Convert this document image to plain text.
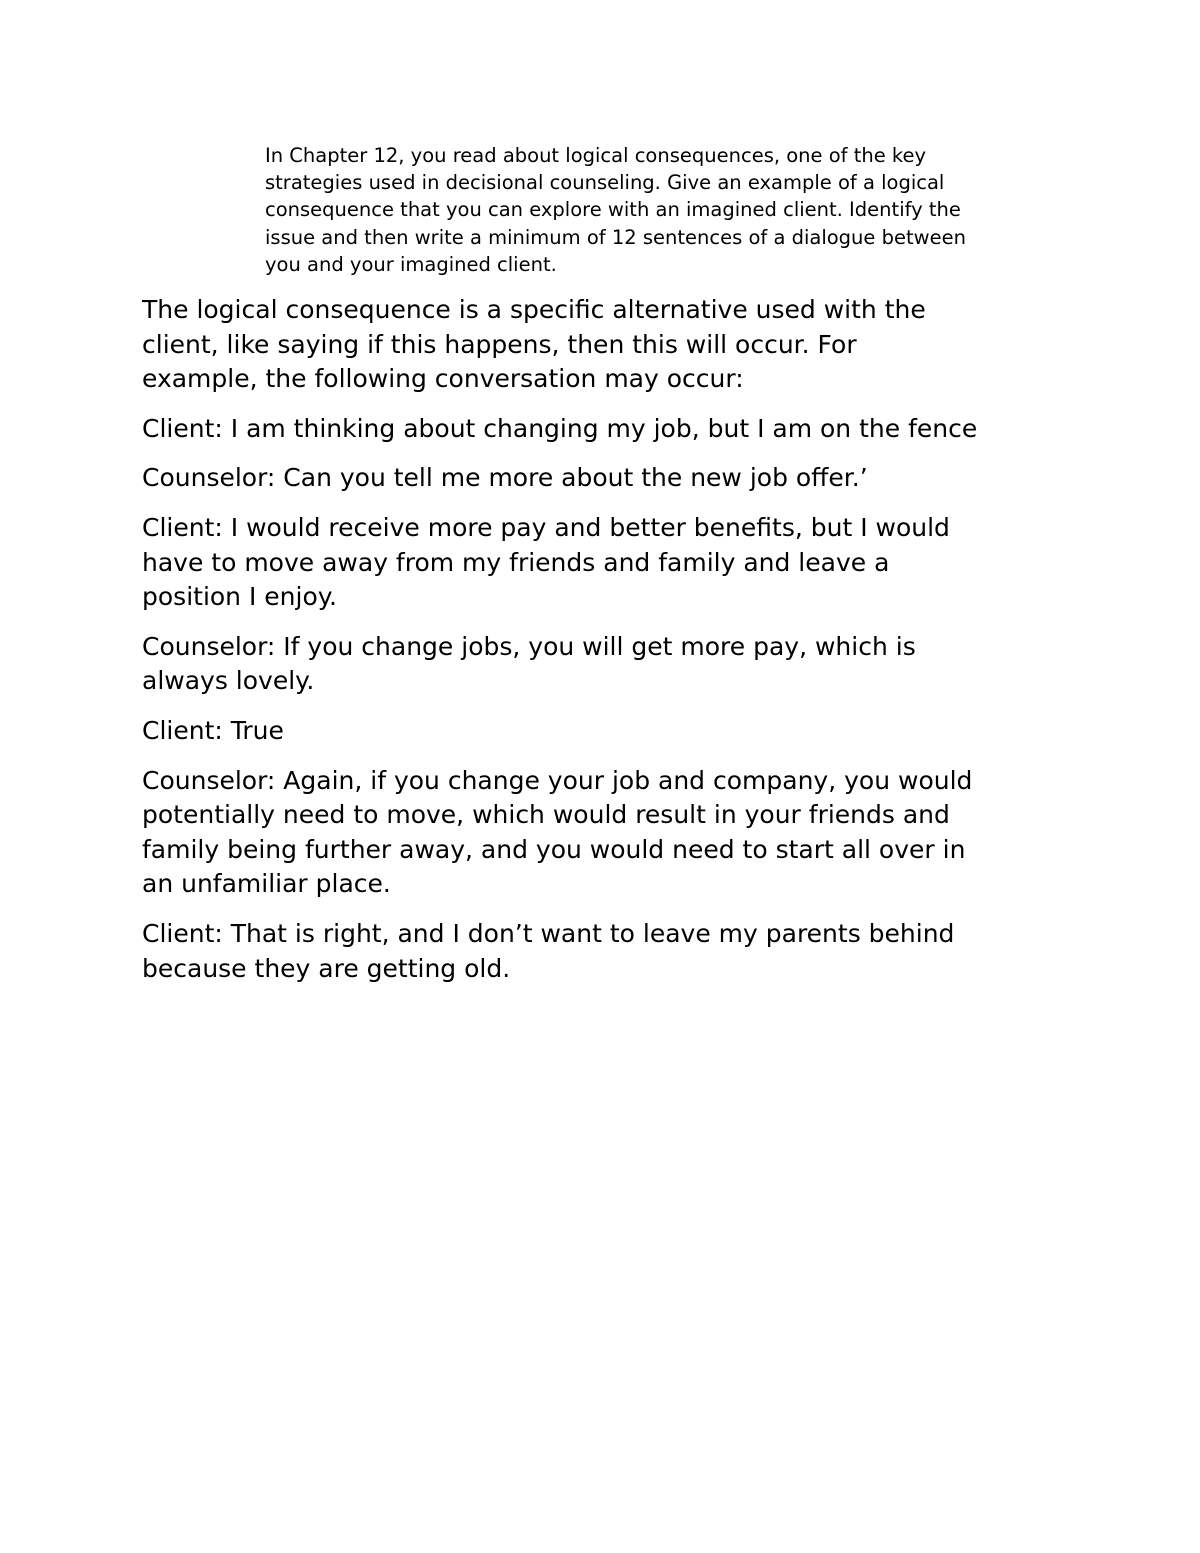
In Chapter 12, you read about logical consequences, one of the key
strategies used in decisional counseling. Give an example of a logical
consequence that you can explore with an imagined client. Identify the
issue and then write a minimum of 12 sentences of a dialogue between
you and your imagined client.

The logical consequence is a specific alternative used with the
client, like saying if this happens, then this will occur. For
example, the following conversation may occur:

Client: I am thinking about changing my job, but I am on the fence

Counselor: Can you tell me more about the new job offer.’

Client: I would receive more pay and better benefits, but I would
have to move away from my friends and family and leave a
position I enjoy.

Counselor: If you change jobs, you will get more pay, which is
always lovely.

Client: True

Counselor: Again, if you change your job and company, you would
potentially need to move, which would result in your friends and
family being further away, and you would need to start all over in
an unfamiliar place.

Client: That is right, and I don’t want to leave my parents behind
because they are getting old.
